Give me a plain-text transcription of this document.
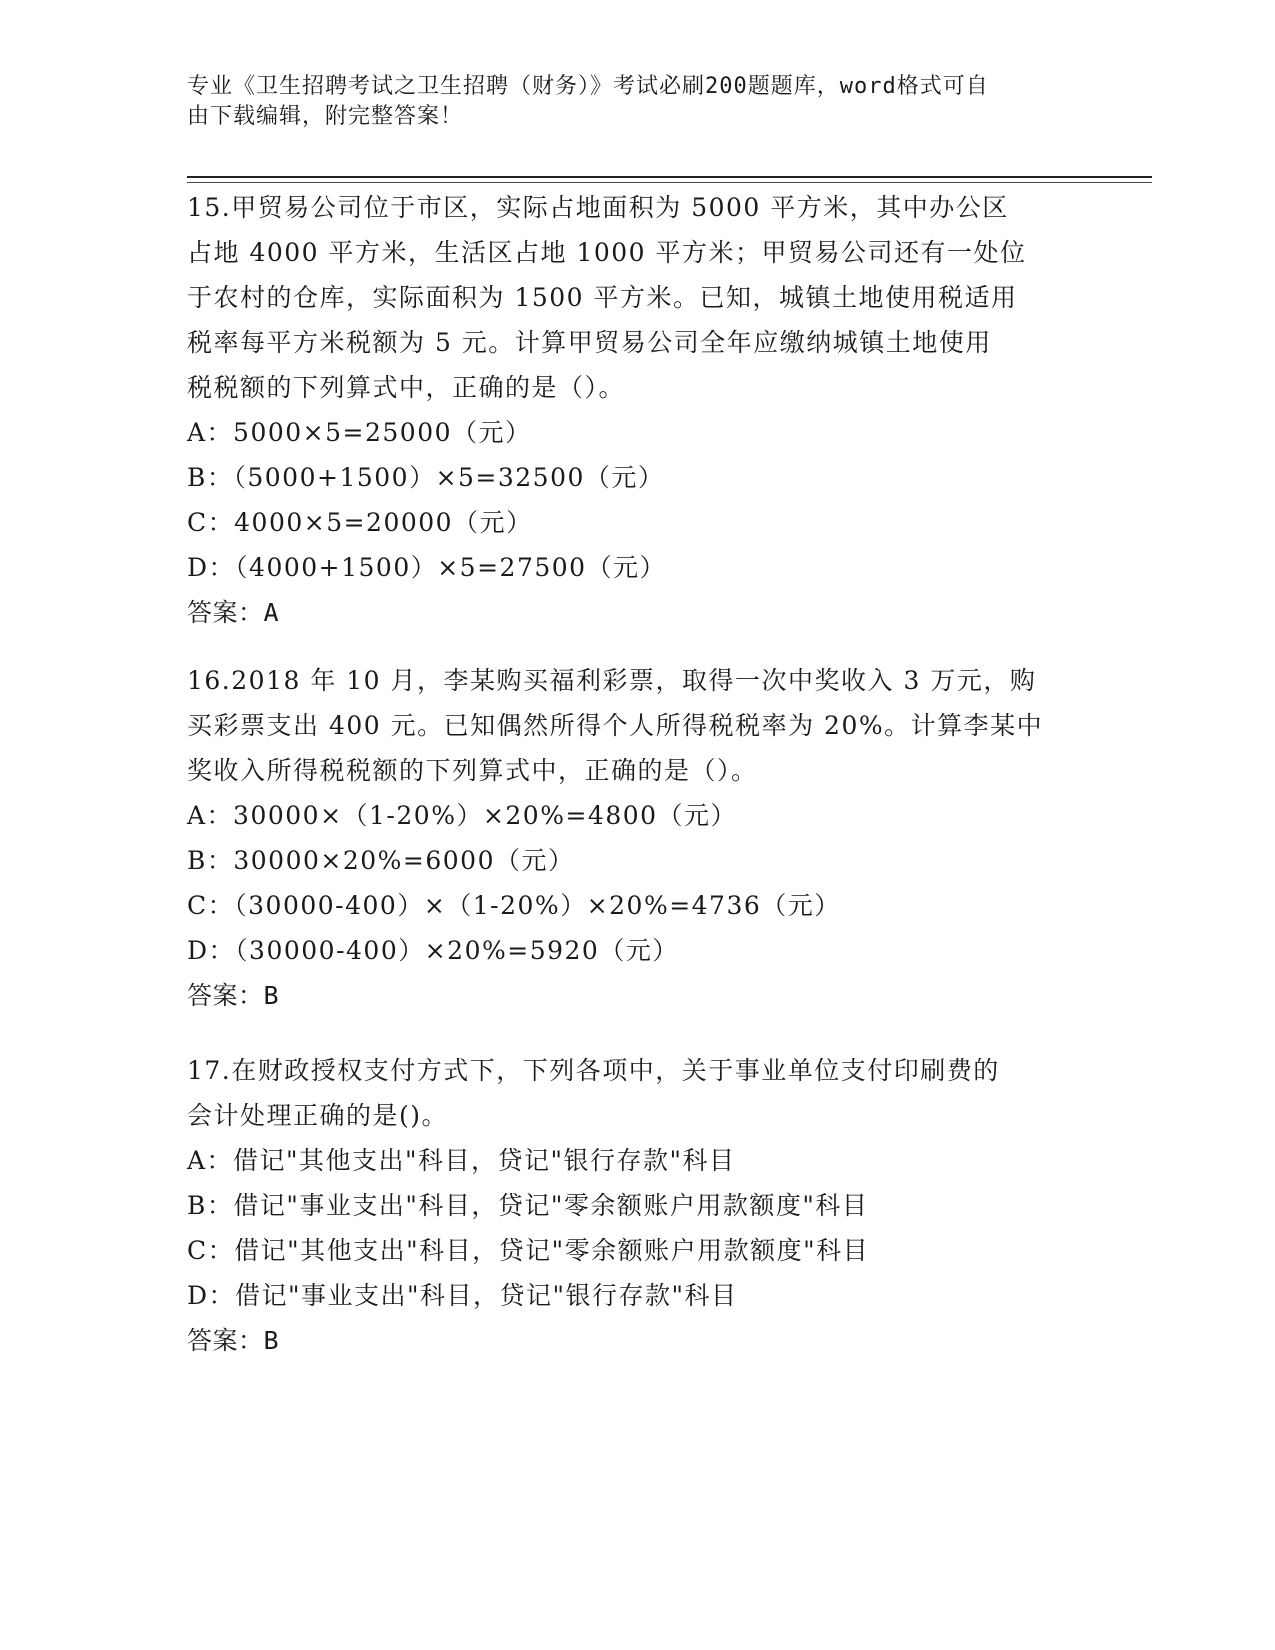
专业《卫生招聘考试之卫生招聘（财务）》考试必刷200题题库，word格式可自
由下载编辑，附完整答案！
15.甲贸易公司位于市区，实际占地面积为 5000 平方米，其中办公区
占地 4000 平方米，生活区占地 1000 平方米；甲贸易公司还有一处位
于农村的仓库，实际面积为 1500 平方米。已知，城镇土地使用税适用
税率每平方米税额为 5 元。计算甲贸易公司全年应缴纳城镇土地使用
税税额的下列算式中，正确的是（）。
A：5000×5=25000（元）
B：（5000+1500）×5=32500（元）
C：4000×5=20000（元）
D：（4000+1500）×5=27500（元）
答案：A
16.2018 年 10 月，李某购买福利彩票，取得一次中奖收入 3 万元，购
买彩票支出 400 元。已知偶然所得个人所得税税率为 20%。计算李某中
奖收入所得税税额的下列算式中，正确的是（）。
A：30000×（1-20%）×20%=4800（元）
B：30000×20%=6000（元）
C：（30000-400）×（1-20%）×20%=4736（元）
D：（30000-400）×20%=5920（元）
答案：B
17.在财政授权支付方式下，下列各项中，关于事业单位支付印刷费的
会计处理正确的是()。
A：借记"其他支出"科目，贷记"银行存款"科目
B：借记"事业支出"科目，贷记"零余额账户用款额度"科目
C：借记"其他支出"科目，贷记"零余额账户用款额度"科目
D：借记"事业支出"科目，贷记"银行存款"科目
答案：B
